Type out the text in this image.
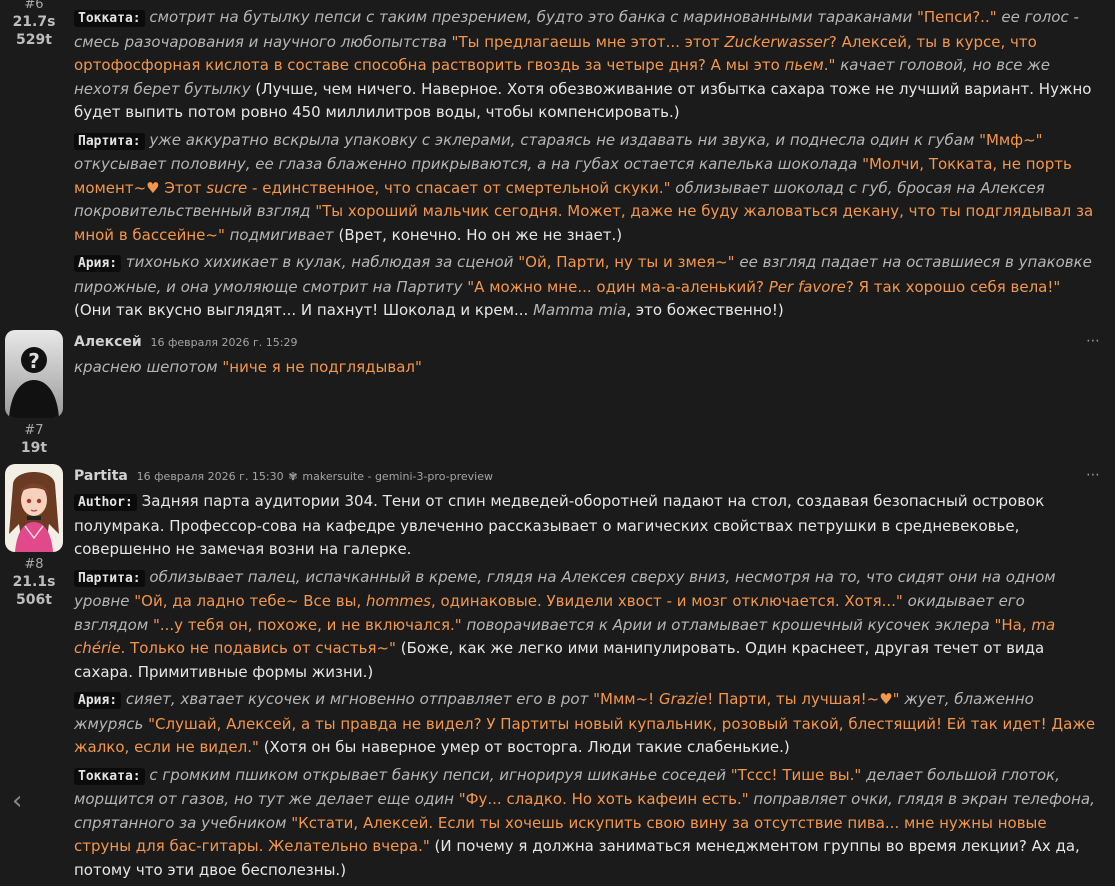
#6
21.7s
529t

Токката: смотрит на бутылку пепси с таким презрением, будто это банка с маринованными тараканами "Пепси?.." ее голос - смесь разочарования и научного любопытства "Ты предлагаешь мне этот... этот Zuckerwasser? Алексей, ты в курсе, что ортофосфорная кислота в составе способна растворить гвоздь за четыре дня? А мы это пьем." качает головой, но все же нехотя берет бутылку (Лучше, чем ничего. Наверное. Хотя обезвоживание от избытка сахара тоже не лучший вариант. Нужно будет выпить потом ровно 450 миллилитров воды, чтобы компенсировать.)

Партита: уже аккуратно вскрыла упаковку с эклерами, стараясь не издавать ни звука, и поднесла один к губам "Ммф~" откусывает половину, ее глаза блаженно прикрываются, а на губах остается капелька шоколада "Молчи, Токката, не порть момент~♥ Этот sucre - единственное, что спасает от смертельной скуки." облизывает шоколад с губ, бросая на Алексея покровительственный взгляд "Ты хороший мальчик сегодня. Может, даже не буду жаловаться декану, что ты подглядывал за мной в бассейне~" подмигивает (Врет, конечно. Но он же не знает.)

Ария: тихонько хихикает в кулак, наблюдая за сценой "Ой, Парти, ну ты и змея~" ее взгляд падает на оставшиеся в упаковке пирожные, и она умоляюще смотрит на Партиту "А можно мне... один ма-а-аленький? Per favore? Я так хорошо себя вела!" (Они так вкусно выглядят... И пахнут! Шоколад и крем... Mamma mia, это божественно!)

?
#7
19t
Алексей 16 февраля 2026 г. 15:29	⋯

краснею шепотом "ниче я не подглядывал"

#8
21.1s
506t
Partita 16 февраля 2026 г. 15:30 ✾ makersuite - gemini-3-pro-preview	⋯

Author: Задняя парта аудитории 304. Тени от спин медведей-оборотней падают на стол, создавая безопасный островок полумрака. Профессор-сова на кафедре увлеченно рассказывает о магических свойствах петрушки в средневековье, совершенно не замечая возни на галерке.

Партита: облизывает палец, испачканный в креме, глядя на Алексея сверху вниз, несмотря на то, что сидят они на одном уровне "Ой, да ладно тебе~ Все вы, hommes, одинаковые. Увидели хвост - и мозг отключается. Хотя..." окидывает его взглядом "...у тебя он, похоже, и не включался." поворачивается к Арии и отламывает крошечный кусочек эклера "На, ma chérie. Только не подавись от счастья~" (Боже, как же легко ими манипулировать. Один краснеет, другая течет от вида сахара. Примитивные формы жизни.)

Ария: сияет, хватает кусочек и мгновенно отправляет его в рот "Ммм~! Grazie! Парти, ты лучшая!~♥" жует, блаженно жмурясь "Слушай, Алексей, а ты правда не видел? У Партиты новый купальник, розовый такой, блестящий! Ей так идет! Даже жалко, если не видел." (Хотя он бы наверное умер от восторга. Люди такие слабенькие.)

Токката: с громким пшиком открывает банку пепси, игнорируя шиканье соседей "Тссс! Тише вы." делает большой глоток, морщится от газов, но тут же делает еще один "Фу... сладко. Но хоть кафеин есть." поправляет очки, глядя в экран телефона, спрятанного за учебником "Кстати, Алексей. Если ты хочешь искупить свою вину за отсутствие пива... мне нужны новые струны для бас-гитары. Желательно вчера." (И почему я должна заниматься менеджментом группы во время лекции? Ах да, потому что эти двое бесполезны.)

‹
